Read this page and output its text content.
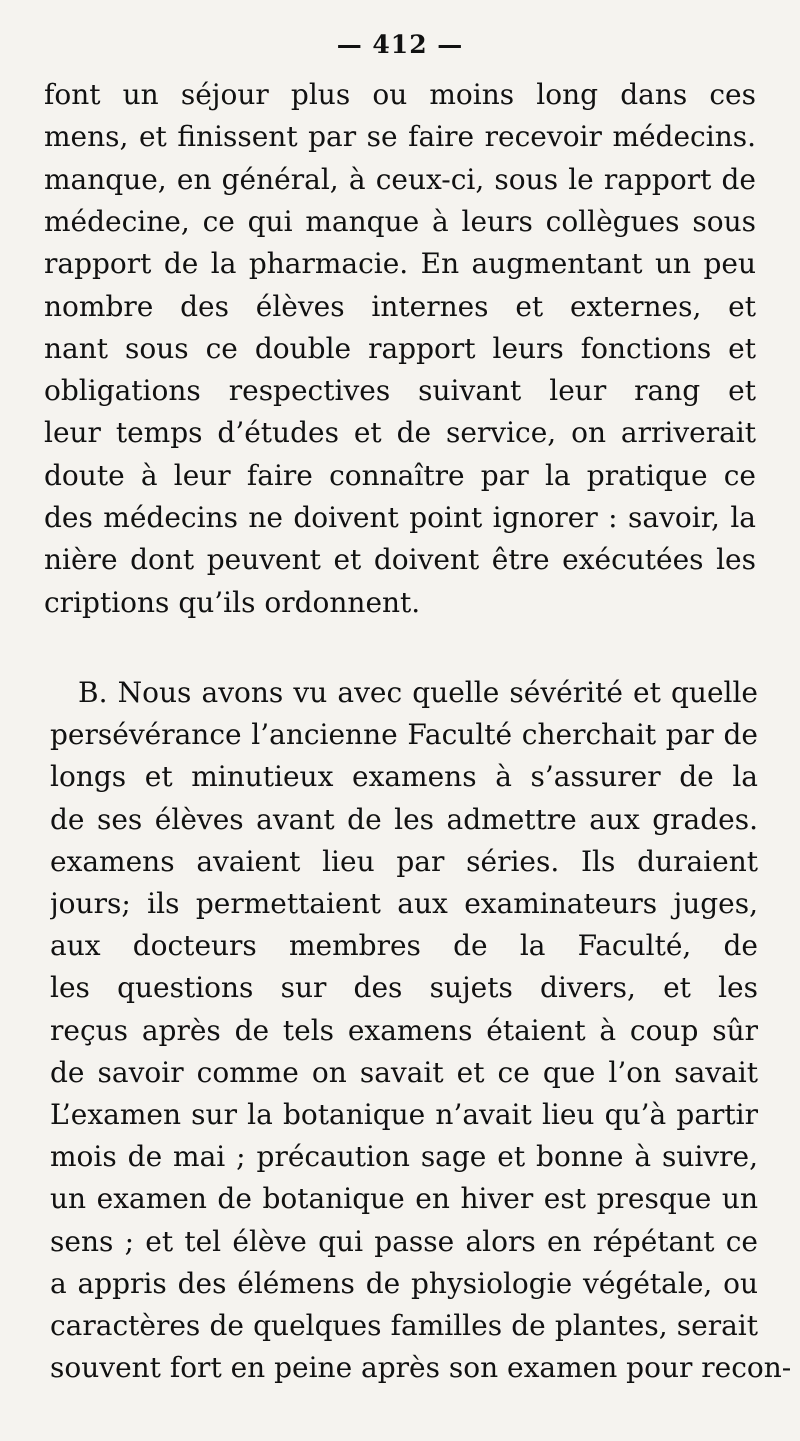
— 412 —
font un séjour plus ou moins long dans ces
mens, et finissent par se faire recevoir médecins.
manque, en général, à ceux-ci, sous le rapport de
médecine, ce qui manque à leurs collègues sous
rapport de la pharmacie. En augmentant un peu
nombre des élèves internes et externes, et
nant sous ce double rapport leurs fonctions et
obligations respectives suivant leur rang et
leur temps d’études et de service, on arriverait
doute à leur faire connaître par la pratique ce
des médecins ne doivent point ignorer : savoir, la
nière dont peuvent et doivent être exécutées les
criptions qu’ils ordonnent.
B. Nous avons vu avec quelle sévérité et quelle
persévérance l’ancienne Faculté cherchait par de
longs et minutieux examens à s’assurer de la
de ses élèves avant de les admettre aux grades.
examens avaient lieu par séries. Ils duraient
jours; ils permettaient aux examinateurs juges,
aux docteurs membres de la Faculté, de
les questions sur des sujets divers, et les
reçus après de tels examens étaient à coup sûr
de savoir comme on savait et ce que l’on savait
L’examen sur la botanique n’avait lieu qu’à partir
mois de mai ; précaution sage et bonne à suivre,
un examen de botanique en hiver est presque un
sens ; et tel élève qui passe alors en répétant ce
a appris des élémens de physiologie végétale, ou
caractères de quelques familles de plantes, serait
souvent fort en peine après son examen pour recon-
